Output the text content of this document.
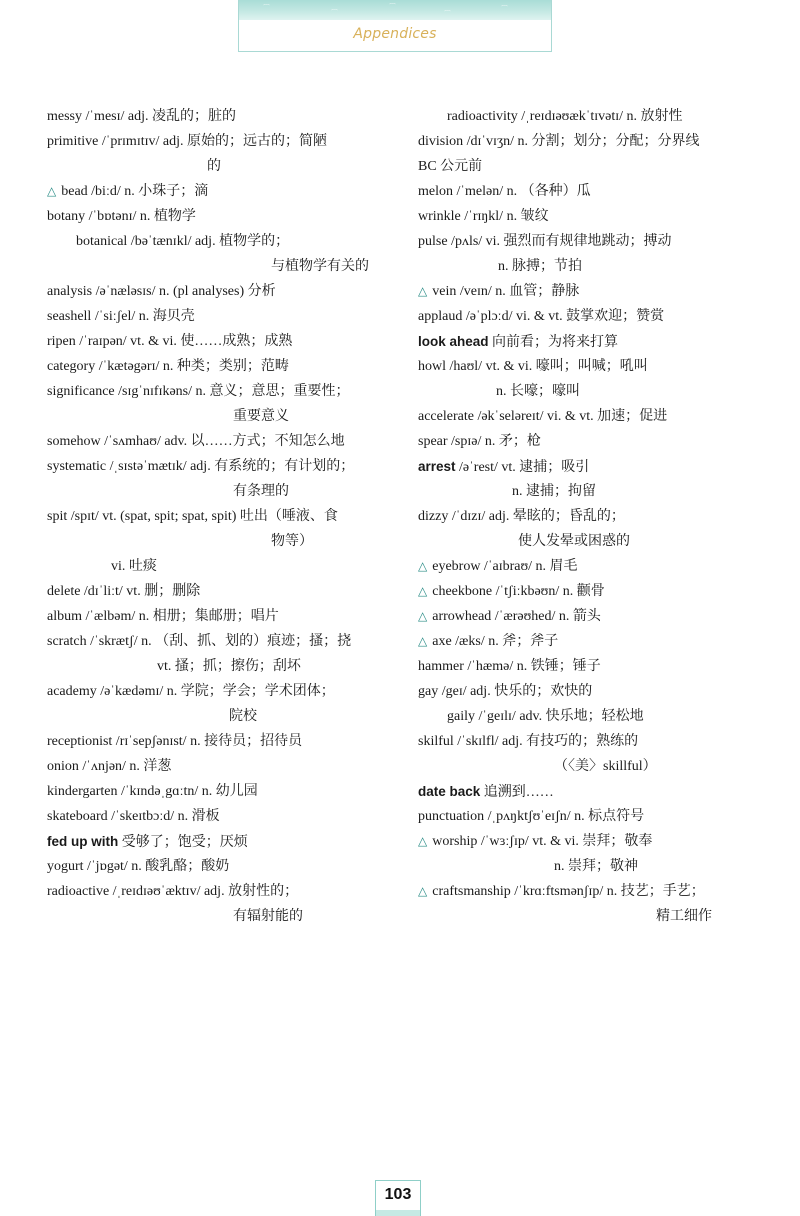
⌒
⌒
⌒
⌒
⌒
Appendices
messy /ˈmesɪ/ adj. 凌乱的；脏的
primitive /ˈprɪmɪtɪv/ adj. 原始的；远古的；简陋
的
△ bead /biːd/ n. 小珠子；滴
botany /ˈbɒtənɪ/ n. 植物学
botanical /bəˈtænɪkl/ adj. 植物学的；
与植物学有关的
analysis /əˈnæləsɪs/ n. (pl analyses) 分析
seashell /ˈsiːʃel/ n. 海贝壳
ripen /ˈraɪpən/ vt. & vi. 使……成熟；成熟
category /ˈkætəgərɪ/ n. 种类；类别；范畴
significance /sɪgˈnɪfɪkəns/ n. 意义；意思；重要性；
重要意义
somehow /ˈsʌmhaʊ/ adv. 以……方式；不知怎么地
systematic /ˌsɪstəˈmætɪk/ adj. 有系统的；有计划的；
有条理的
spit /spɪt/ vt. (spat, spit; spat, spit) 吐出（唾液、食
物等）
vi. 吐痰
delete /dɪˈliːt/ vt. 删；删除
album /ˈælbəm/ n. 相册；集邮册；唱片
scratch /ˈskrætʃ/ n. （刮、抓、划的）痕迹；搔；挠
vt. 搔；抓；擦伤；刮坏
academy /əˈkædəmɪ/ n. 学院；学会；学术团体；
院校
receptionist /rɪˈsepʃənɪst/ n. 接待员；招待员
onion /ˈʌnjən/ n. 洋葱
kindergarten /ˈkɪndəˌgɑːtn/ n. 幼儿园
skateboard /ˈskeɪtbɔːd/ n. 滑板
fed up with 受够了；饱受；厌烦
yogurt /ˈjɒgət/ n. 酸乳酪；酸奶
radioactive /ˌreɪdɪəʊˈæktɪv/ adj. 放射性的；
有辐射能的
radioactivity /ˌreɪdɪəʊækˈtɪvətɪ/ n. 放射性
division /dɪˈvɪʒn/ n. 分割；划分；分配；分界线
BC 公元前
melon /ˈmelən/ n. （各种）瓜
wrinkle /ˈrɪŋkl/ n. 皱纹
pulse /pʌls/ vi. 强烈而有规律地跳动；搏动
n. 脉搏；节拍
△ vein /veɪn/ n. 血管；静脉
applaud /əˈplɔːd/ vi. & vt. 鼓掌欢迎；赞赏
look ahead 向前看；为将来打算
howl /haʊl/ vt. & vi. 嚎叫；叫喊；吼叫
n. 长嚎；嚎叫
accelerate /əkˈseləreɪt/ vi. & vt. 加速；促进
spear /spɪə/ n. 矛；枪
arrest /əˈrest/ vt. 逮捕；吸引
n. 逮捕；拘留
dizzy /ˈdɪzɪ/ adj. 晕眩的；昏乱的；
使人发晕或困惑的
△ eyebrow /ˈaɪbraʊ/ n. 眉毛
△ cheekbone /ˈtʃiːkbəʊn/ n. 颧骨
△ arrowhead /ˈærəʊhed/ n. 箭头
△ axe /æks/ n. 斧；斧子
hammer /ˈhæmə/ n. 铁锤；锤子
gay /geɪ/ adj. 快乐的；欢快的
gaily /ˈgeɪlɪ/ adv. 快乐地；轻松地
skilful /ˈskɪlfl/ adj. 有技巧的；熟练的
（〈美〉skillful）
date back 追溯到……
punctuation /ˌpʌŋktʃʊˈeɪʃn/ n. 标点符号
△ worship /ˈwɜːʃɪp/ vt. & vi. 崇拜；敬奉
n. 崇拜；敬神
△ craftsmanship /ˈkrɑːftsmənʃɪp/ n. 技艺；手艺；
精工细作
103
